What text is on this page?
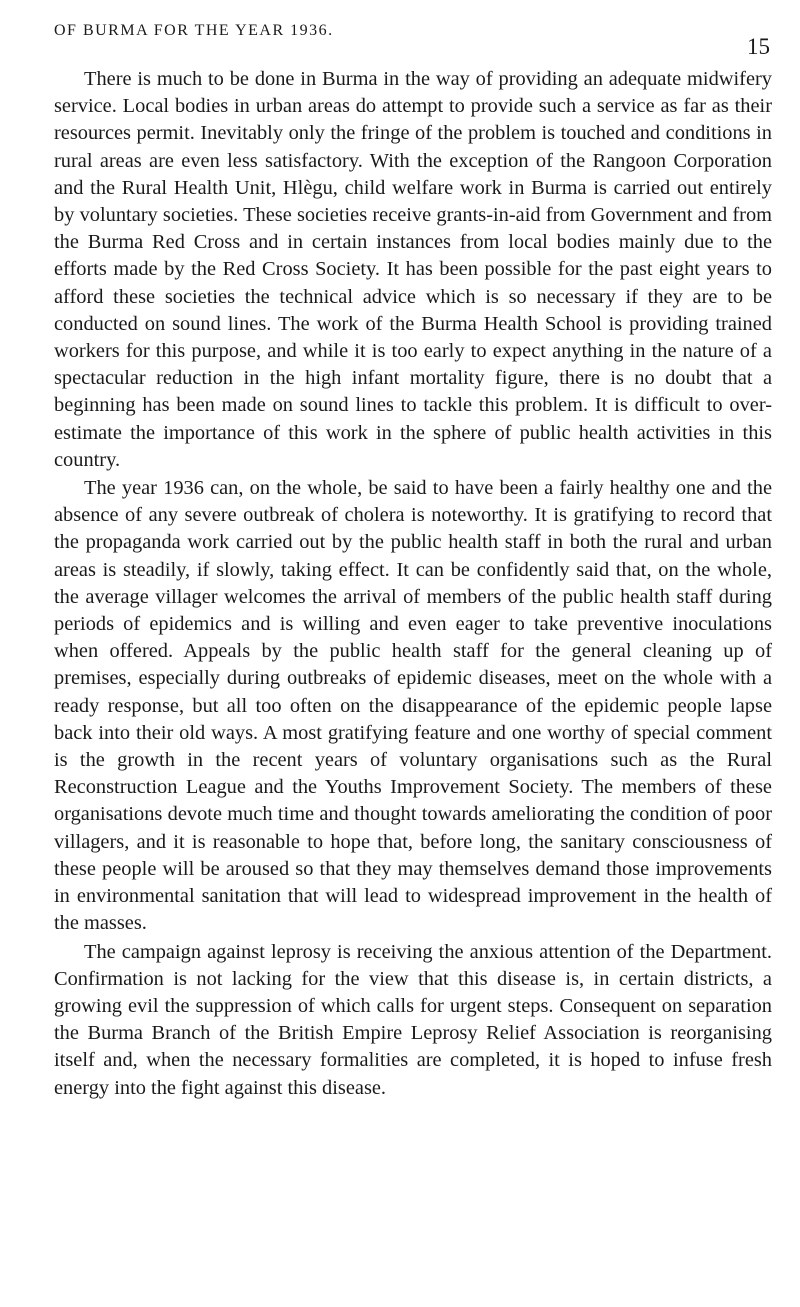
OF BURMA FOR THE YEAR 1936.
15

There is much to be done in Burma in the way of providing an adequate midwifery service. Local bodies in urban areas do attempt to provide such a service as far as their resources permit. Inevitably only the fringe of the problem is touched and conditions in rural areas are even less satisfactory. With the exception of the Rangoon Corporation and the Rural Health Unit, Hlègu, child welfare work in Burma is carried out entirely by voluntary societies. These societies receive grants-in-aid from Government and from the Burma Red Cross and in certain instances from local bodies mainly due to the efforts made by the Red Cross Society. It has been possible for the past eight years to afford these societies the technical advice which is so necessary if they are to be conducted on sound lines. The work of the Burma Health School is providing trained workers for this purpose, and while it is too early to expect anything in the nature of a spectacular reduction in the high infant mortality figure, there is no doubt that a beginning has been made on sound lines to tackle this problem. It is difficult to over-estimate the importance of this work in the sphere of public health activities in this country.

The year 1936 can, on the whole, be said to have been a fairly healthy one and the absence of any severe outbreak of cholera is noteworthy. It is gratifying to record that the propaganda work carried out by the public health staff in both the rural and urban areas is steadily, if slowly, taking effect. It can be confidently said that, on the whole, the average villager welcomes the arrival of members of the public health staff during periods of epidemics and is willing and even eager to take preventive inoculations when offered. Appeals by the public health staff for the general cleaning up of premises, especially during outbreaks of epidemic diseases, meet on the whole with a ready response, but all too often on the disappearance of the epidemic people lapse back into their old ways. A most gratifying feature and one worthy of special comment is the growth in the recent years of voluntary organisations such as the Rural Reconstruction League and the Youths Improvement Society. The members of these organisations devote much time and thought towards ameliorating the condition of poor villagers, and it is reasonable to hope that, before long, the sanitary consciousness of these people will be aroused so that they may themselves demand those improvements in environmental sanitation that will lead to widespread improvement in the health of the masses.

The campaign against leprosy is receiving the anxious attention of the Department. Confirmation is not lacking for the view that this disease is, in certain districts, a growing evil the suppression of which calls for urgent steps. Consequent on separation the Burma Branch of the British Empire Leprosy Relief Association is reorganising itself and, when the necessary formalities are completed, it is hoped to infuse fresh energy into the fight against this disease.
